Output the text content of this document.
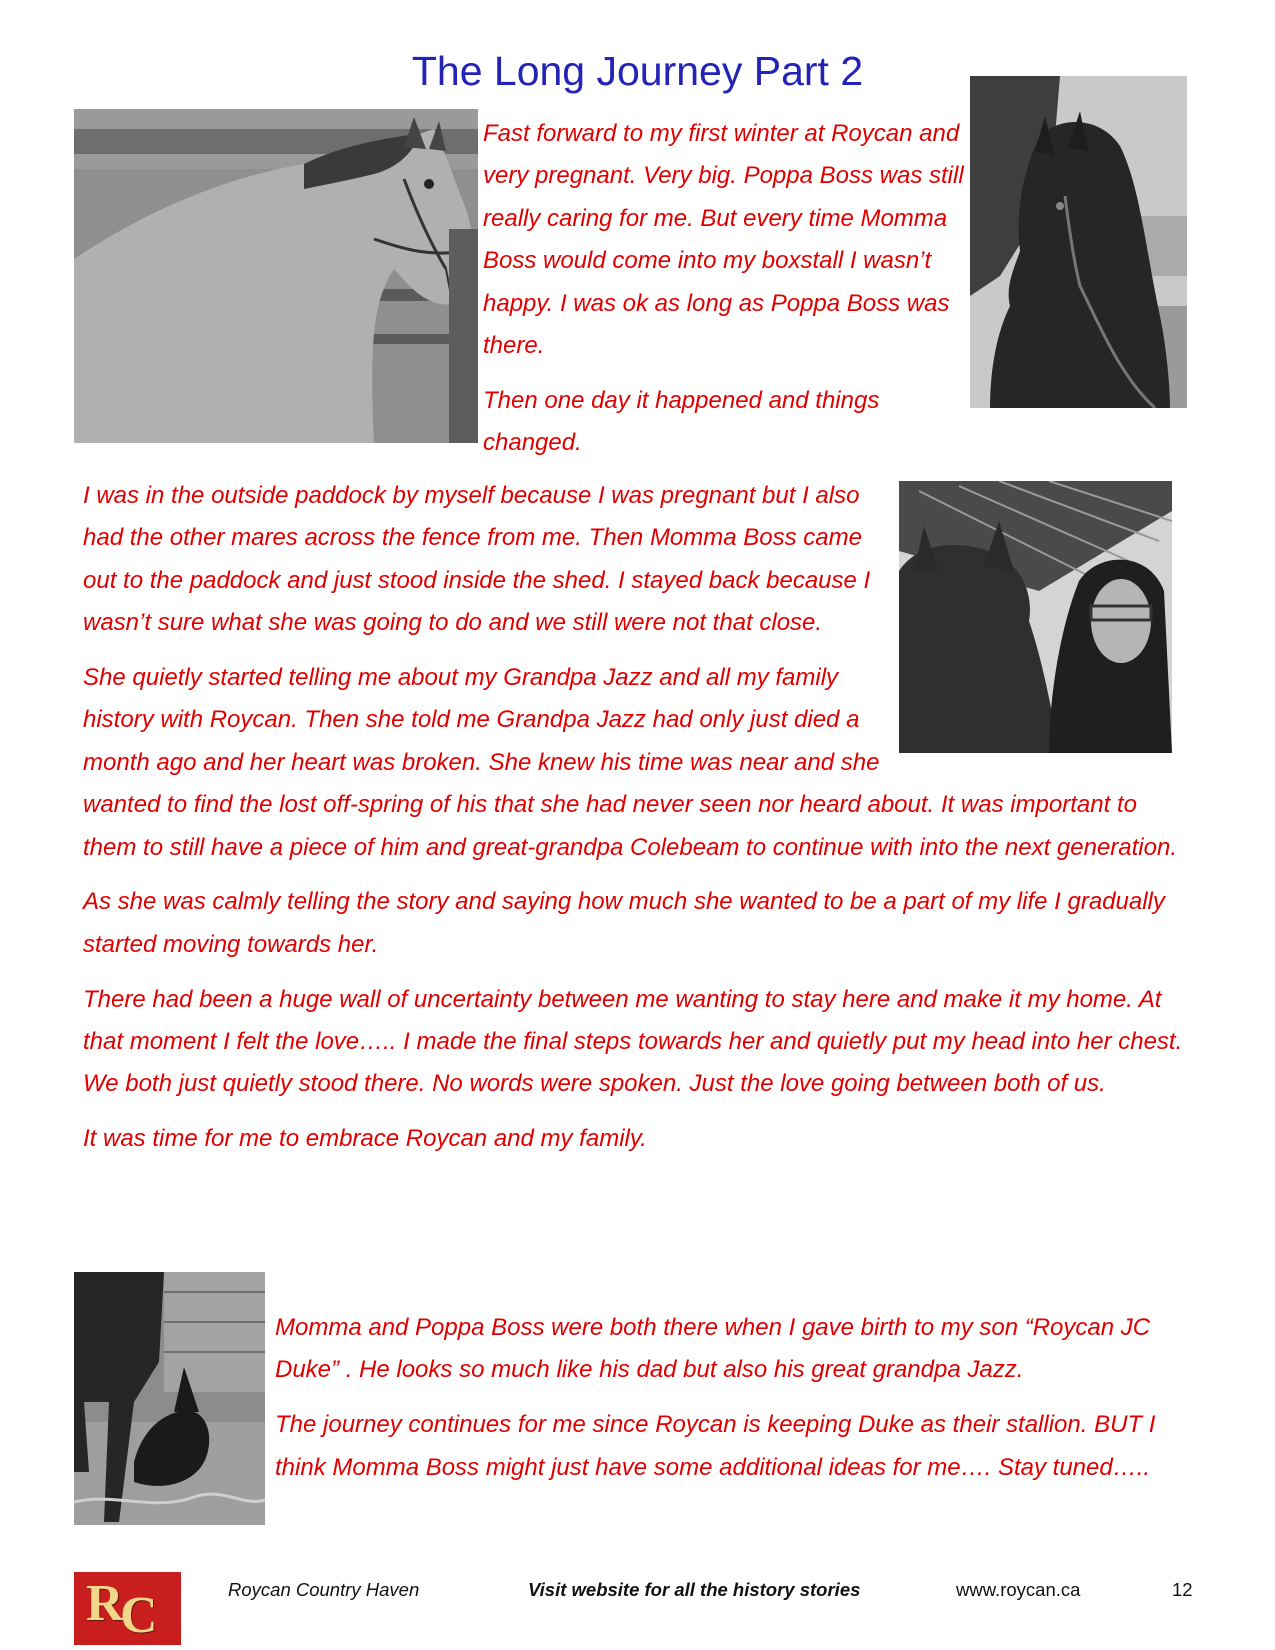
The Long Journey Part 2

Fast forward to my first winter at Roycan and very pregnant. Very big. Poppa Boss was still really caring for me. But every time Momma Boss would come into my boxstall I wasn’t happy. I was ok as long as Poppa Boss was there.

Then one day it happened and things changed.

I was in the outside paddock by myself because I was pregnant but I also had the other mares across the fence from me. Then Momma Boss came out to the paddock and just stood inside the shed. I stayed back because I wasn’t sure what she was going to do and we still were not that close.

She quietly started telling me about my Grandpa Jazz and all my family history with Roycan. Then she told me Grandpa Jazz had only just died a month ago and her heart was broken. She knew his time was near and she wanted to find the lost off-spring of his that she had never seen nor heard about. It was important to them to still have a piece of him and great-grandpa Colebeam to continue with into the next generation.

As she was calmly telling the story and saying how much she wanted to be a part of my life I gradually started moving towards her.

There had been a huge wall of uncertainty between me wanting to stay here and make it my home. At that moment I felt the love….. I made the final steps towards her and quietly put my head into her chest. We both just quietly stood there. No words were spoken. Just the love going between both of us.

It was time for me to embrace Roycan and my family.

Momma and Poppa Boss were both there when I gave birth to my son “Roycan JC Duke” . He looks so much like his dad but also his great grandpa Jazz.

The journey continues for me since Roycan is keeping Duke as their stallion. BUT I think Momma Boss might just have some additional ideas for me…. Stay tuned…..

R
C	Roycan Country Haven	Visit website for all the history stories	www.roycan.ca	12
